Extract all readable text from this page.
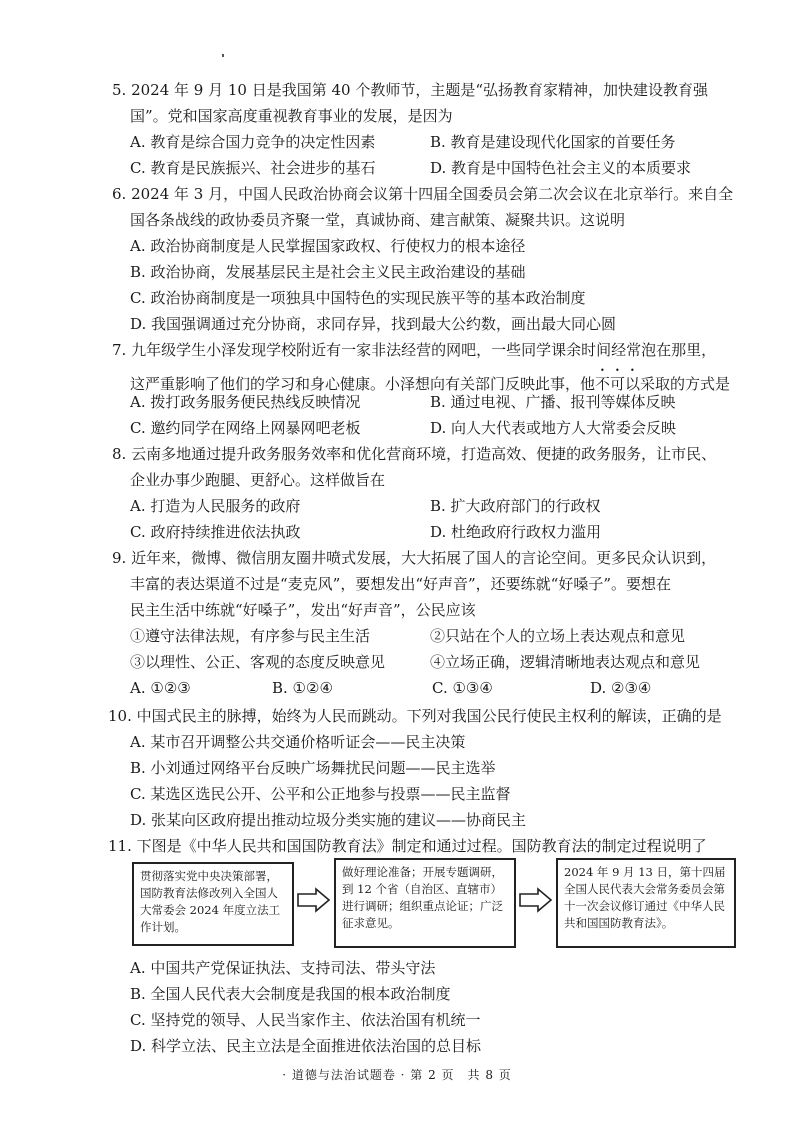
5. 2024 年 9 月 10 日是我国第 40 个教师节，主题是“弘扬教育家精神，加快建设教育强
国”。党和国家高度重视教育事业的发展，是因为
A. 教育是综合国力竞争的决定性因素	B. 教育是建设现代化国家的首要任务
C. 教育是民族振兴、社会进步的基石	D. 教育是中国特色社会主义的本质要求
6. 2024 年 3 月，中国人民政治协商会议第十四届全国委员会第二次会议在北京举行。来自全
国各条战线的政协委员齐聚一堂，真诚协商、建言献策、凝聚共识。这说明
A. 政治协商制度是人民掌握国家政权、行使权力的根本途径
B. 政治协商，发展基层民主是社会主义民主政治建设的基础
C. 政治协商制度是一项独具中国特色的实现民族平等的基本政治制度
D. 我国强调通过充分协商，求同存异，找到最大公约数，画出最大同心圆
7. 九年级学生小泽发现学校附近有一家非法经营的网吧，一些同学课余时间经常泡在那里，
这严重影响了他们的学习和身心健康。小泽想向有关部门反映此事，他不可以采取的方式是
A. 拨打政务服务便民热线反映情况	B. 通过电视、广播、报刊等媒体反映
C. 邀约同学在网络上网暴网吧老板	D. 向人大代表或地方人大常委会反映
8. 云南多地通过提升政务服务效率和优化营商环境，打造高效、便捷的政务服务，让市民、
企业办事少跑腿、更舒心。这样做旨在
A. 打造为人民服务的政府	B. 扩大政府部门的行政权
C. 政府持续推进依法执政	D. 杜绝政府行政权力滥用
9. 近年来，微博、微信朋友圈井喷式发展，大大拓展了国人的言论空间。更多民众认识到，
丰富的表达渠道不过是“麦克风”，要想发出“好声音”，还要练就“好嗓子”。要想在
民主生活中练就“好嗓子”，发出“好声音”，公民应该
①遵守法律法规，有序参与民主生活	②只站在个人的立场上表达观点和意见
③以理性、公正、客观的态度反映意见	④立场正确，逻辑清晰地表达观点和意见
A. ①②③	B. ①②④	C. ①③④	D. ②③④
10. 中国式民主的脉搏，始终为人民而跳动。下列对我国公民行使民主权利的解读，正确的是
A. 某市召开调整公共交通价格听证会——民主决策
B. 小刘通过网络平台反映广场舞扰民问题——民主选举
C. 某选区选民公开、公平和公正地参与投票——民主监督
D. 张某向区政府提出推动垃圾分类实施的建议——协商民主
11. 下图是《中华人民共和国国防教育法》制定和通过过程。国防教育法的制定过程说明了
贯彻落实党中央决策部署，国防教育法修改列入全国人大常委会 2024 年度立法工作计划。
做好理论准备；开展专题调研，到 12 个省（自治区、直辖市）进行调研；组织重点论证；广泛征求意见。
2024 年 9 月 13 日，第十四届全国人民代表大会常务委员会第十一次会议修订通过《中华人民共和国国防教育法》。
A. 中国共产党保证执法、支持司法、带头守法
B. 全国人民代表大会制度是我国的根本政治制度
C. 坚持党的领导、人民当家作主、依法治国有机统一
D. 科学立法、民主立法是全面推进依法治国的总目标
· 道德与法治试题卷 · 第 2 页　共 8 页
